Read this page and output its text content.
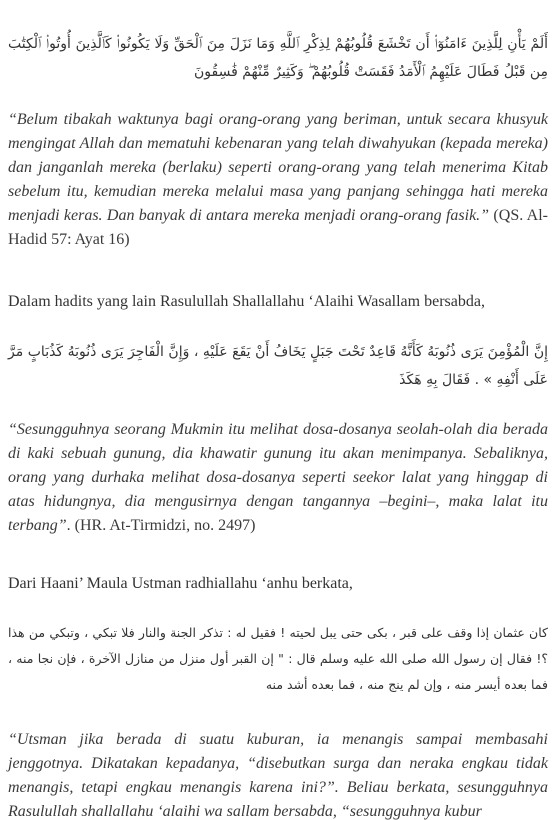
أَلَمْ يَأْنِ لِلَّذِينَ ءَامَنُوٓا۟ أَن تَخْشَعَ قُلُوبُهُمْ لِذِكْرِ ٱللَّهِ وَمَا نَزَلَ مِنَ ٱلْحَقِّ وَلَا يَكُونُوا۟ كَٱلَّذِينَ أُوتُوا۟ ٱلْكِتَٰبَ مِن قَبْلُ فَطَالَ عَلَيْهِمُ ٱلْأَمَدُ فَقَسَتْ قُلُوبُهُمْ ۖ وَكَثِيرٌ مِّنْهُمْ فَٰسِقُونَ

“Belum tibakah waktunya bagi orang-orang yang beriman, untuk secara khusyuk mengingat Allah dan mematuhi kebenaran yang telah diwahyukan (kepada mereka) dan janganlah mereka (berlaku) seperti orang-orang yang telah menerima Kitab sebelum itu, kemudian mereka melalui masa yang panjang sehingga hati mereka menjadi keras. Dan banyak di antara mereka menjadi orang-orang fasik.” (QS. Al-Hadid 57: Ayat 16)

Dalam hadits yang lain Rasulullah Shallallahu ‘Alaihi Wasallam bersabda,

إِنَّ الْمُؤْمِنَ يَرَى ذُنُوبَهُ كَأَنَّهُ قَاعِدٌ تَحْتَ جَبَلٍ يَخَافُ أَنْ يَقَعَ عَلَيْهِ ، وَإِنَّ الْفَاجِرَ يَرَى ذُنُوبَهُ كَذُبَابٍ مَرَّ عَلَى أَنْفِهِ » . فَقَالَ بِهِ هَكَذَ

“Sesungguhnya seorang Mukmin itu melihat dosa-dosanya seolah-olah dia berada di kaki sebuah gunung, dia khawatir gunung itu akan menimpanya. Sebaliknya, orang yang durhaka melihat dosa-dosanya seperti seekor lalat yang hinggap di atas hidungnya, dia mengusirnya dengan tangannya –begini–, maka lalat itu terbang”. (HR. At-Tirmidzi, no. 2497)

Dari Haani’ Maula Ustman radhiallahu ‘anhu berkata,

كان عثمان إذا وقف على قبر ، بكى حتى يبل لحيته ! فقيل له : تذكر الجنة والنار فلا تبكي ، وتبكي من هذا ؟! فقال إن رسول الله صلى الله عليه وسلم قال : " إن القبر أول منزل من منازل الآخرة ، فإن نجا منه ، فما بعده أيسر منه ، وإن لم ينج منه ، فما بعده أشد منه

“Utsman jika berada di suatu kuburan, ia menangis sampai membasahi jenggotnya. Dikatakan kepadanya, “disebutkan surga dan neraka engkau tidak menangis, tetapi engkau menangis karena ini?”. Beliau berkata, sesungguhnya Rasulullah shallallahu ‘alaihi wa sallam bersabda, “sesungguhnya kubur
